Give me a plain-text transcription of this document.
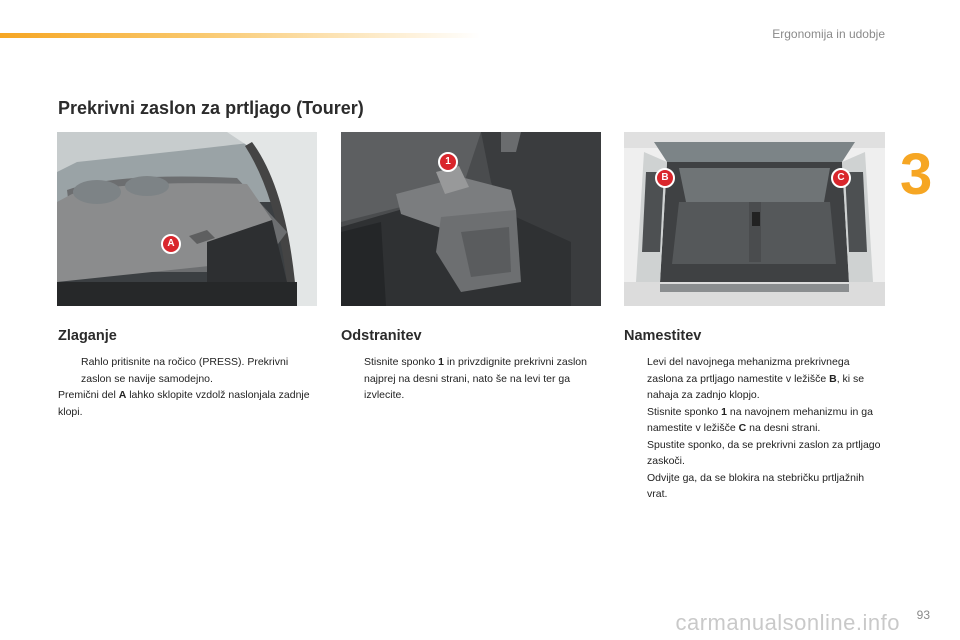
Ergonomija in udobje
3
Prekrivni zaslon za prtljago (Tourer)
A
1
B	C
Zlaganje
Rahlo pritisnite na ročico (PRESS). Prekrivni zaslon se navije samodejno.

Premični del A lahko sklopite vzdolž naslonjala zadnje klopi.

Odstranitev
Stisnite sponko 1 in privzdignite prekrivni zaslon najprej na desni strani, nato še na levi ter ga izvlecite.
Namestitev
Levi del navojnega mehanizma prekrivnega zaslona za prtljago namestite v ležišče B, ki se nahaja za zadnjo klopjo.
Stisnite sponko 1 na navojnem mehanizmu in ga namestite v ležišče C na desni strani.
Spustite sponko, da se prekrivni zaslon za prtljago zaskoči.
Odvijte ga, da se blokira na stebričku prtljažnih vrat.
carmanualsonline.info 93
